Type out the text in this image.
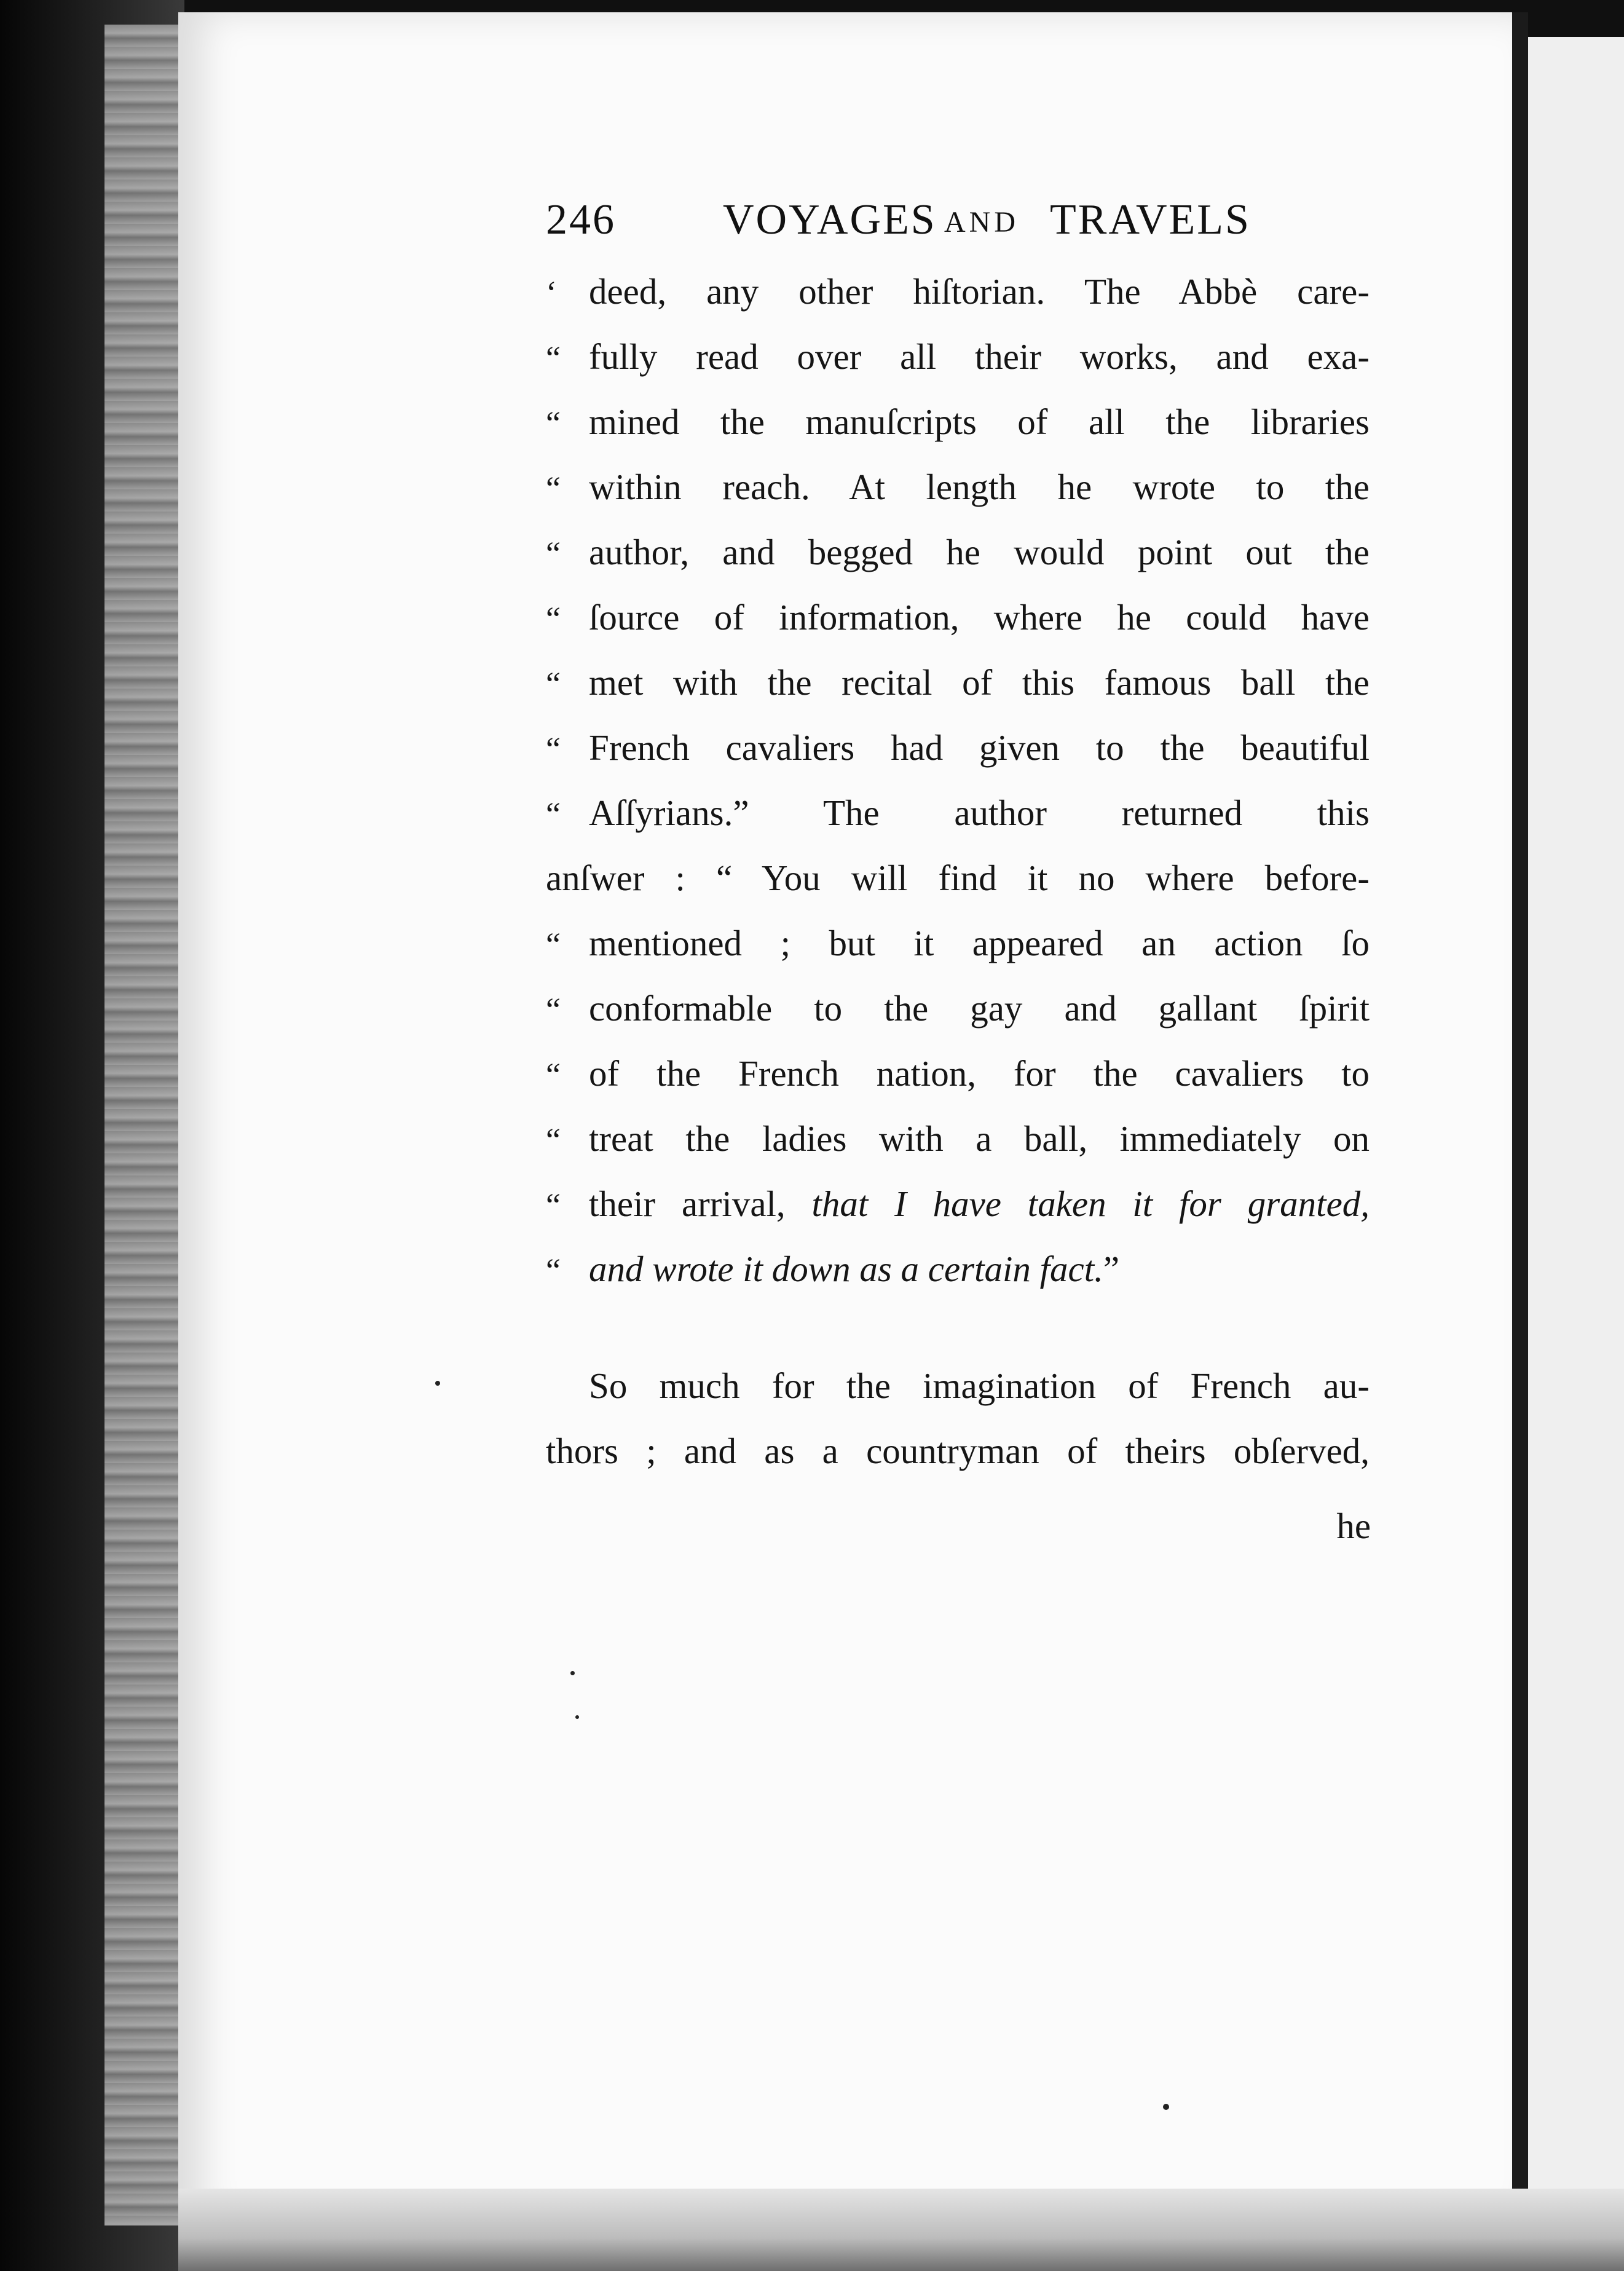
246 VOYAGES AND TRAVELS
‘ deed, any other hiſtorian. The Abbè care-
“ fully read over all their works, and exa-
“ mined the manuſcripts of all the libraries
“ within reach. At length he wrote to the
“ author, and begged he would point out the
“ ſource of information, where he could have
“ met with the recital of this famous ball the
“ French cavaliers had given to the beautiful
“ Aſſyrians.” The author returned this
anſwer : “ You will find it no where before-
“ mentioned ; but it appeared an action ſo
“ conformable to the gay and gallant ſpirit
“ of the French nation, for the cavaliers to
“ treat the ladies with a ball, immediately on
“ their arrival, that I have taken it for granted,
“ and wrote it down as a certain fact. ”
So much for the imagination of French au-
thors ; and as a countryman of theirs obſerved,
he
